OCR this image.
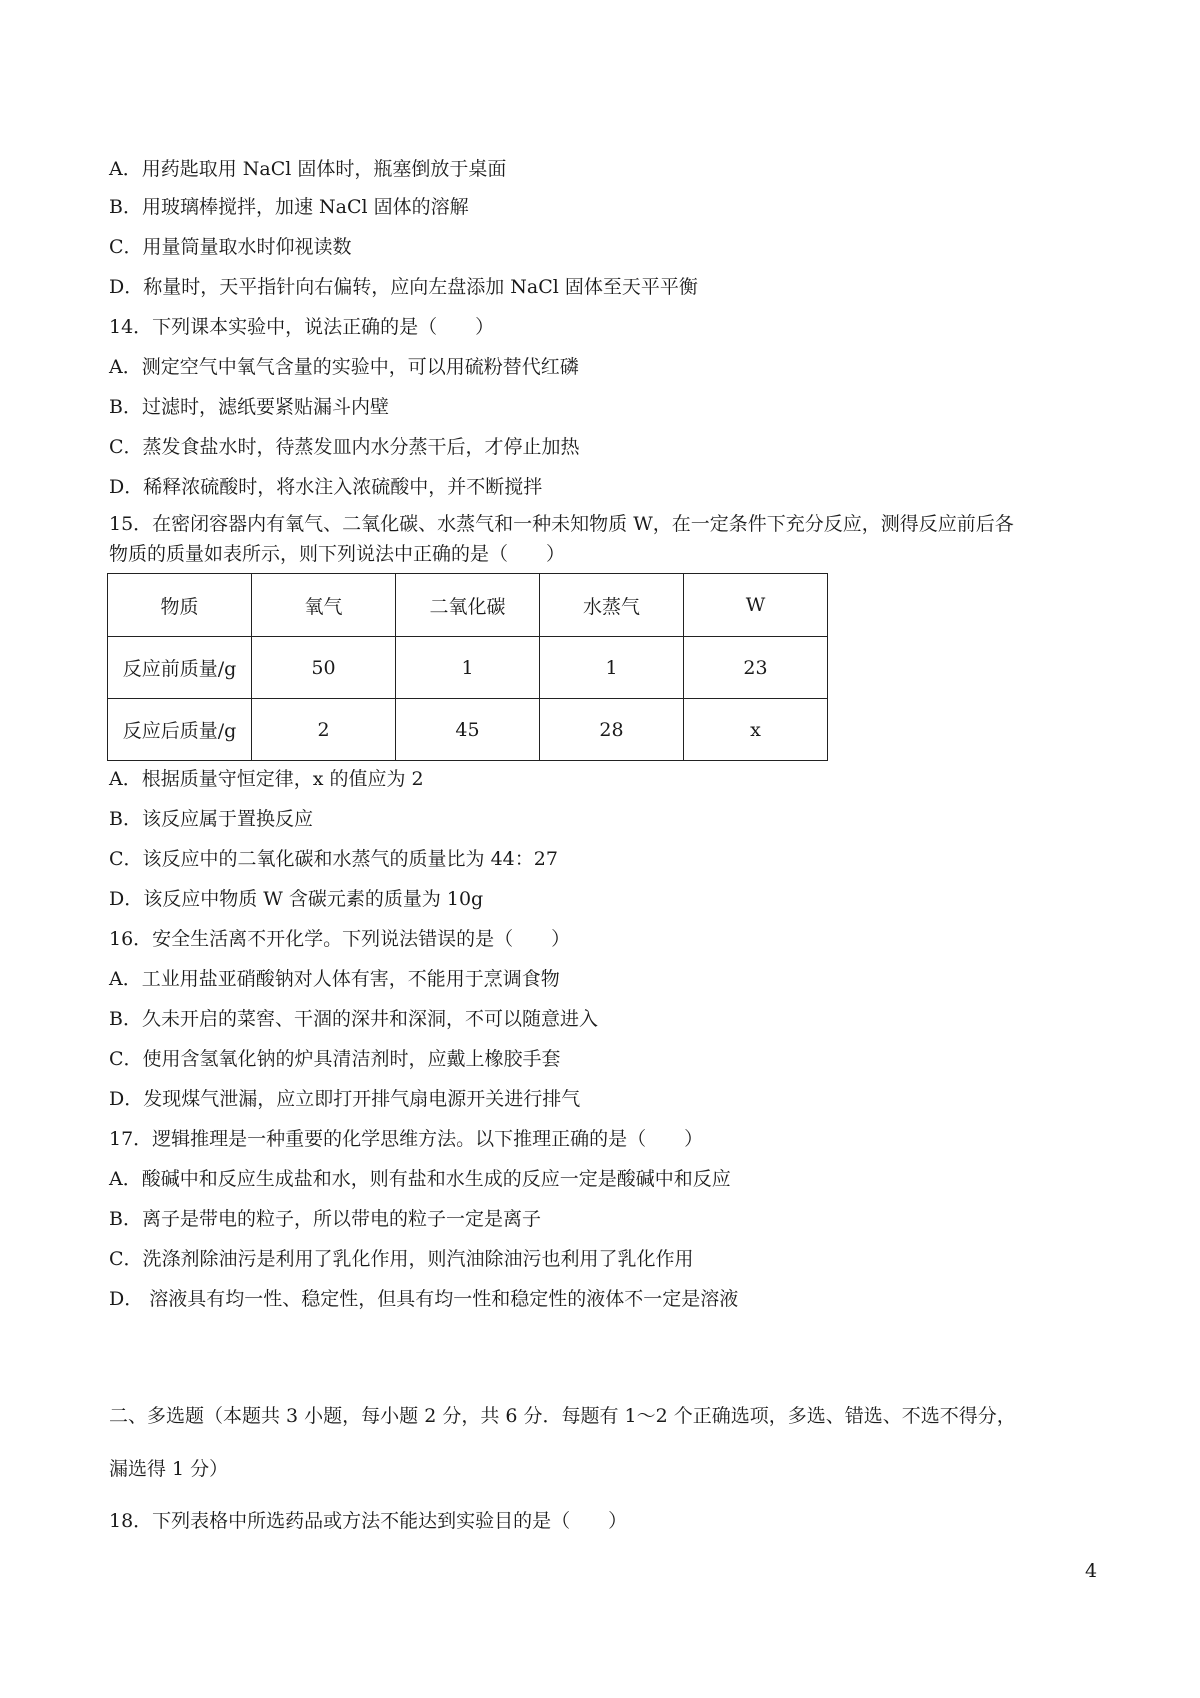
A．用药匙取用 NaCl 固体时，瓶塞倒放于桌面
B．用玻璃棒搅拌，加速 NaCl 固体的溶解
C．用量筒量取水时仰视读数
D．称量时，天平指针向右偏转，应向左盘添加 NaCl 固体至天平平衡
14．下列课本实验中，说法正确的是（　　）
A．测定空气中氧气含量的实验中，可以用硫粉替代红磷
B．过滤时，滤纸要紧贴漏斗内壁
C．蒸发食盐水时，待蒸发皿内水分蒸干后，才停止加热
D．稀释浓硫酸时，将水注入浓硫酸中，并不断搅拌
15．在密闭容器内有氧气、二氧化碳、水蒸气和一种未知物质 W，在一定条件下充分反应，测得反应前后各
物质的质量如表所示，则下列说法中正确的是（　　）
物质	氧气	二氧化碳	水蒸气	W
反应前质量/g	50	1	1	23
反应后质量/g	2	45	28	x
A．根据质量守恒定律，x 的值应为 2
B．该反应属于置换反应
C．该反应中的二氧化碳和水蒸气的质量比为 44：27
D．该反应中物质 W 含碳元素的质量为 10g
16．安全生活离不开化学。下列说法错误的是（　　）
A．工业用盐亚硝酸钠对人体有害，不能用于烹调食物
B．久未开启的菜窖、干涸的深井和深洞，不可以随意进入
C．使用含氢氧化钠的炉具清洁剂时，应戴上橡胶手套
D．发现煤气泄漏，应立即打开排气扇电源开关进行排气
17．逻辑推理是一种重要的化学思维方法。以下推理正确的是（　　）
A．酸碱中和反应生成盐和水，则有盐和水生成的反应一定是酸碱中和反应
B．离子是带电的粒子，所以带电的粒子一定是离子
C．洗涤剂除油污是利用了乳化作用，则汽油除油污也利用了乳化作用
D． 溶液具有均一性、稳定性，但具有均一性和稳定性的液体不一定是溶液
二、多选题（本题共 3 小题，每小题 2 分，共 6 分．每题有 1～2 个正确选项，多选、错选、不选不得分，
漏选得 1 分）
18．下列表格中所选药品或方法不能达到实验目的是（　　）
4
